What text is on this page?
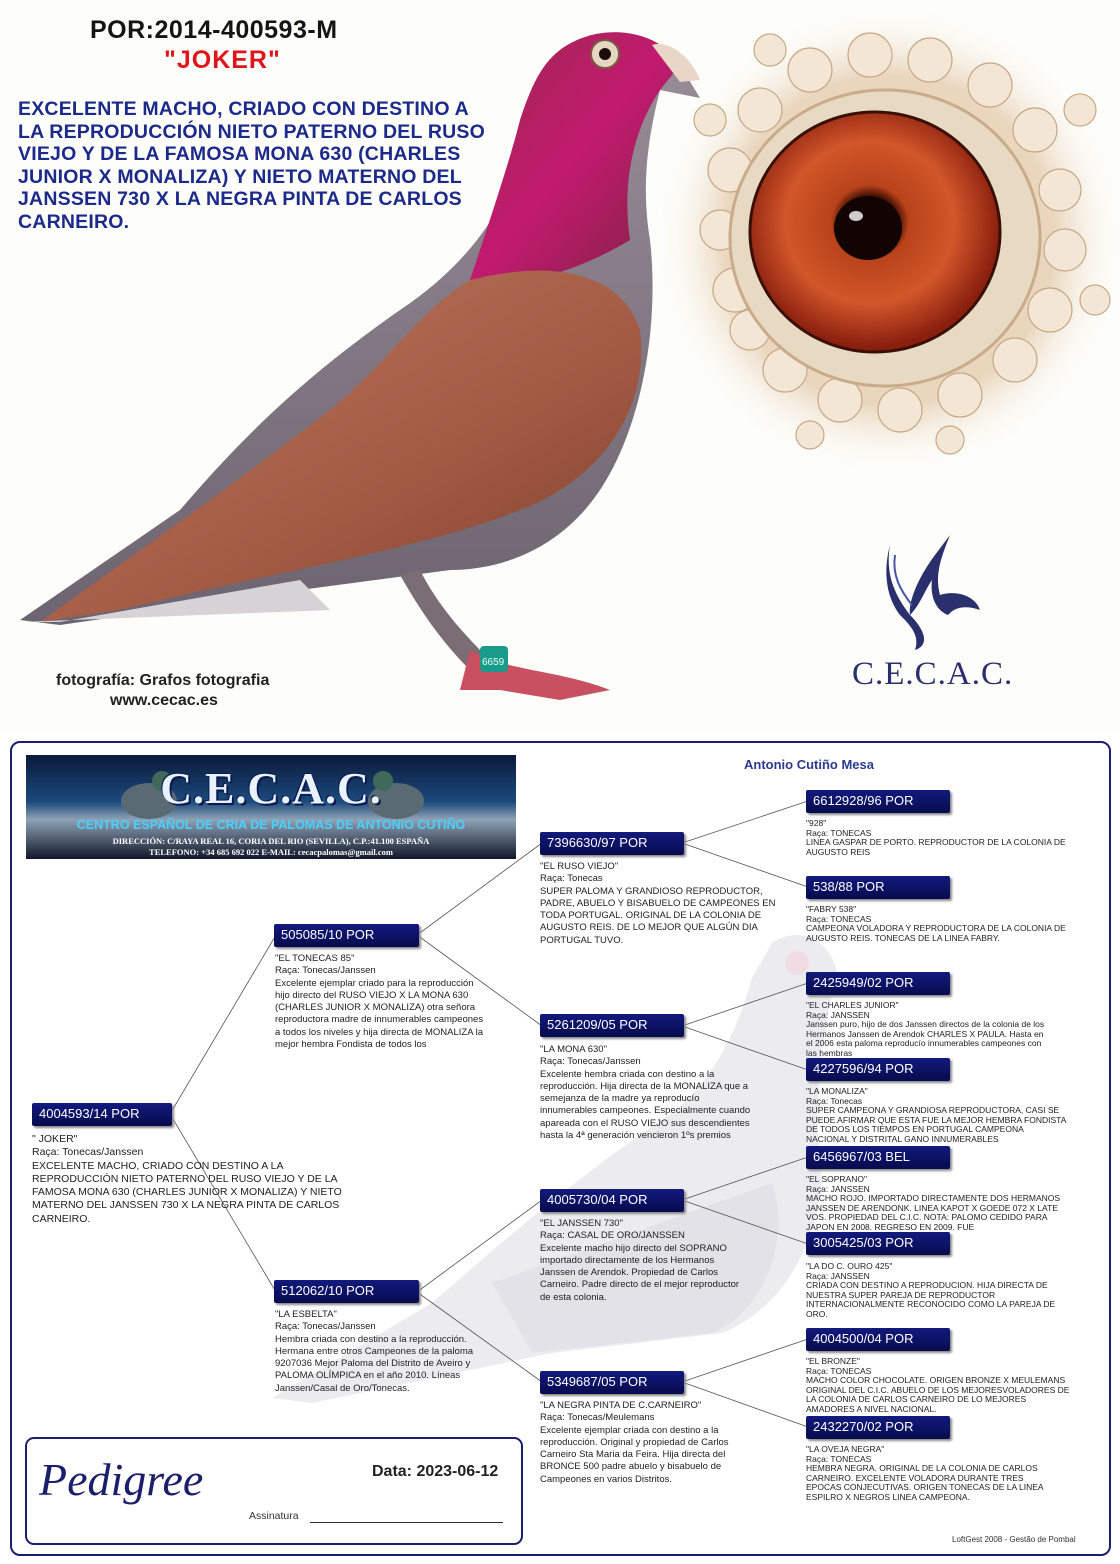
6659
POR:2014-400593-M
"JOKER"
EXCELENTE MACHO, CRIADO CON DESTINO A LA REPRODUCCIÓN NIETO PATERNO DEL RUSO VIEJO Y DE LA FAMOSA MONA 630 (CHARLES JUNIOR X MONALIZA) Y NIETO MATERNO DEL JANSSEN 730 X LA NEGRA PINTA DE CARLOS CARNEIRO.
fotografía: Grafos fotografia
www.cecac.es
C.E.C.A.C.
Antonio Cutiño Mesa
C.E.C.A.C.
CENTRO ESPAÑOL DE CRIA DE PALOMAS DE ANTONIO CUTIÑO
DIRECCIÓN: C/RAYA REAL 16, CORIA DEL RIO (SEVILLA), C.P.:41.100 ESPAÑA
TELEFONO: +34 685 692 022 E-MAIL: cecacpalomas@gmail.com
4004593/14 POR
" JOKER"
Raça: Tonecas/Janssen
EXCELENTE MACHO, CRIADO CON DESTINO A LA REPRODUCCIÓN NIETO PATERNO DEL RUSO VIEJO Y DE LA FAMOSA MONA 630 (CHARLES JUNIOR X MONALIZA) Y NIETO MATERNO DEL JANSSEN 730 X LA NEGRA PINTA DE CARLOS CARNEIRO.
505085/10 POR
"EL TONECAS 85"
Raça: Tonecas/Janssen
Excelente ejemplar criado para la reproducción hijo directo del RUSO VIEJO X LA MONA 630 (CHARLES JUNIOR X MONALIZA) otra señora reproductora madre de innumerables campeones a todos los niveles y hija directa de MONALIZA la mejor hembra Fondista de todos los
512062/10 POR
"LA ESBELTA"
Raça: Tonecas/Janssen
Hembra criada con destino a la reproducción. Hermana entre otros Campeones de la paloma 9207036 Mejor Paloma del Distrito de Aveiro y PALOMA OLÍMPICA en el año 2010. Líneas Janssen/Casal de Oro/Tonecas.
7396630/97 POR
"EL RUSO VIEJO"
Raça: Tonecas
SUPER PALOMA Y GRANDIOSO REPRODUCTOR, PADRE, ABUELO Y BISABUELO DE CAMPEONES EN TODA PORTUGAL. ORIGINAL DE LA COLONIA DE AUGUSTO REIS. DE LO MEJOR QUE ALGÚN DIA PORTUGAL TUVO.
5261209/05 POR
"LA MONA 630"
Raça: Tonecas/Janssen
Excelente hembra criada con destino a la reproducción. Hija directa de la MONALIZA que a semejanza de la madre ya reproducío innumerables campeones. Especialmente cuando apareada con el RUSO VIEJO sus descendientes hasta la 4ª generación vencieron 1ºs premios
4005730/04 POR
"EL JANSSEN 730"
Raça: CASAL DE ORO/JANSSEN
Excelente macho hijo directo del SOPRANO importado directamente de los Hermanos Janssen de Arendok. Propiedad de Carlos Carneiro. Padre directo de el mejor reproductor de esta colonia.
5349687/05 POR
"LA NEGRA PINTA DE C.CARNEIRO"
Raça: Tonecas/Meulemans
Excelente ejemplar criada con destino a la reproducción. Original y propiedad de Carlos Carneiro Sta Maria da Feira. Hija directa del BRONCE 500 padre abuelo y bisabuelo de Campeones en varios Distritos.
6612928/96 POR
"928"
Raça: TONECAS
LINEA GASPAR DE PORTO. REPRODUCTOR DE LA COLONIA DE AUGUSTO REIS
538/88 POR
"FABRY 538"
Raça: TONECAS
CAMPEONA VOLADORA Y REPRODUCTORA DE LA COLONIA DE AUGUSTO REIS. TONECAS DE LA LINEA FABRY.
2425949/02 POR
"EL CHARLES JUNIOR"
Raça: JANSSEN
Janssen puro, hijo de dos Janssen directos de la colonia de los Hermanos Janssen de Arendok CHARLES X PAULA. Hasta en el 2006 esta paloma reproducío innumerables campeones con las hembras
4227596/94 POR
"LA MONALIZA"
Raça: Tonecas
SUPER CAMPEONA Y GRANDIOSA REPRODUCTORA, CASI SE PUEDE AFIRMAR QUE ESTA FUE LA MEJOR HEMBRA FONDISTA DE TODOS LOS TIEMPOS EN PORTUGAL CAMPEONA NACIONAL Y DISTRITAL GANO INNUMERABLES
6456967/03 BEL
"EL SOPRANO"
Raça: JANSSEN
MACHO ROJO. IMPORTADO DIRECTAMENTE DOS HERMANOS JANSSEN DE ARENDONK. LINEA KAPOT X GOEDE 072 X LATE VOS. PROPIEDAD DEL C.I.C. NOTA: PALOMO CEDIDO PARA JAPON EN 2008. REGRESO EN 2009. FUE
3005425/03 POR
"LA DO C. OURO 425"
Raça: JANSSEN
CRIADA CON DESTINO A REPRODUCION. HIJA DIRECTA DE NUESTRA SUPER PAREJA DE REPRODUCTOR INTERNACIONALMENTE RECONOCIDO COMO LA PAREJA DE ORO.
4004500/04 POR
"EL BRONZE"
Raça: TONECAS
MACHO COLOR CHOCOLATE. ORIGEN BRONZE X MEULEMANS ORIGINAL DEL C.I.C. ABUELO DE LOS MEJORESVOLADORES DE LA COLONIA DE CARLOS CARNEIRO DE LO MEJORES AMADORES A NIVEL NACIONAL.
2432270/02 POR
"LA OVEJA NEGRA"
Raça: TONECAS
HEMBRA NEGRA. ORIGINAL DE LA COLONIA DE CARLOS CARNEIRO. EXCELENTE VOLADORA DURANTE TRES EPOCAS CONJECUTIVAS. ORIGEN TONECAS DE LA LINEA ESPILRO X NEGROS LINEA CAMPEONA.
Pedigree	Data: 2023-06-12
Assinatura
LoftGest 2008 - Gestão de Pombal
